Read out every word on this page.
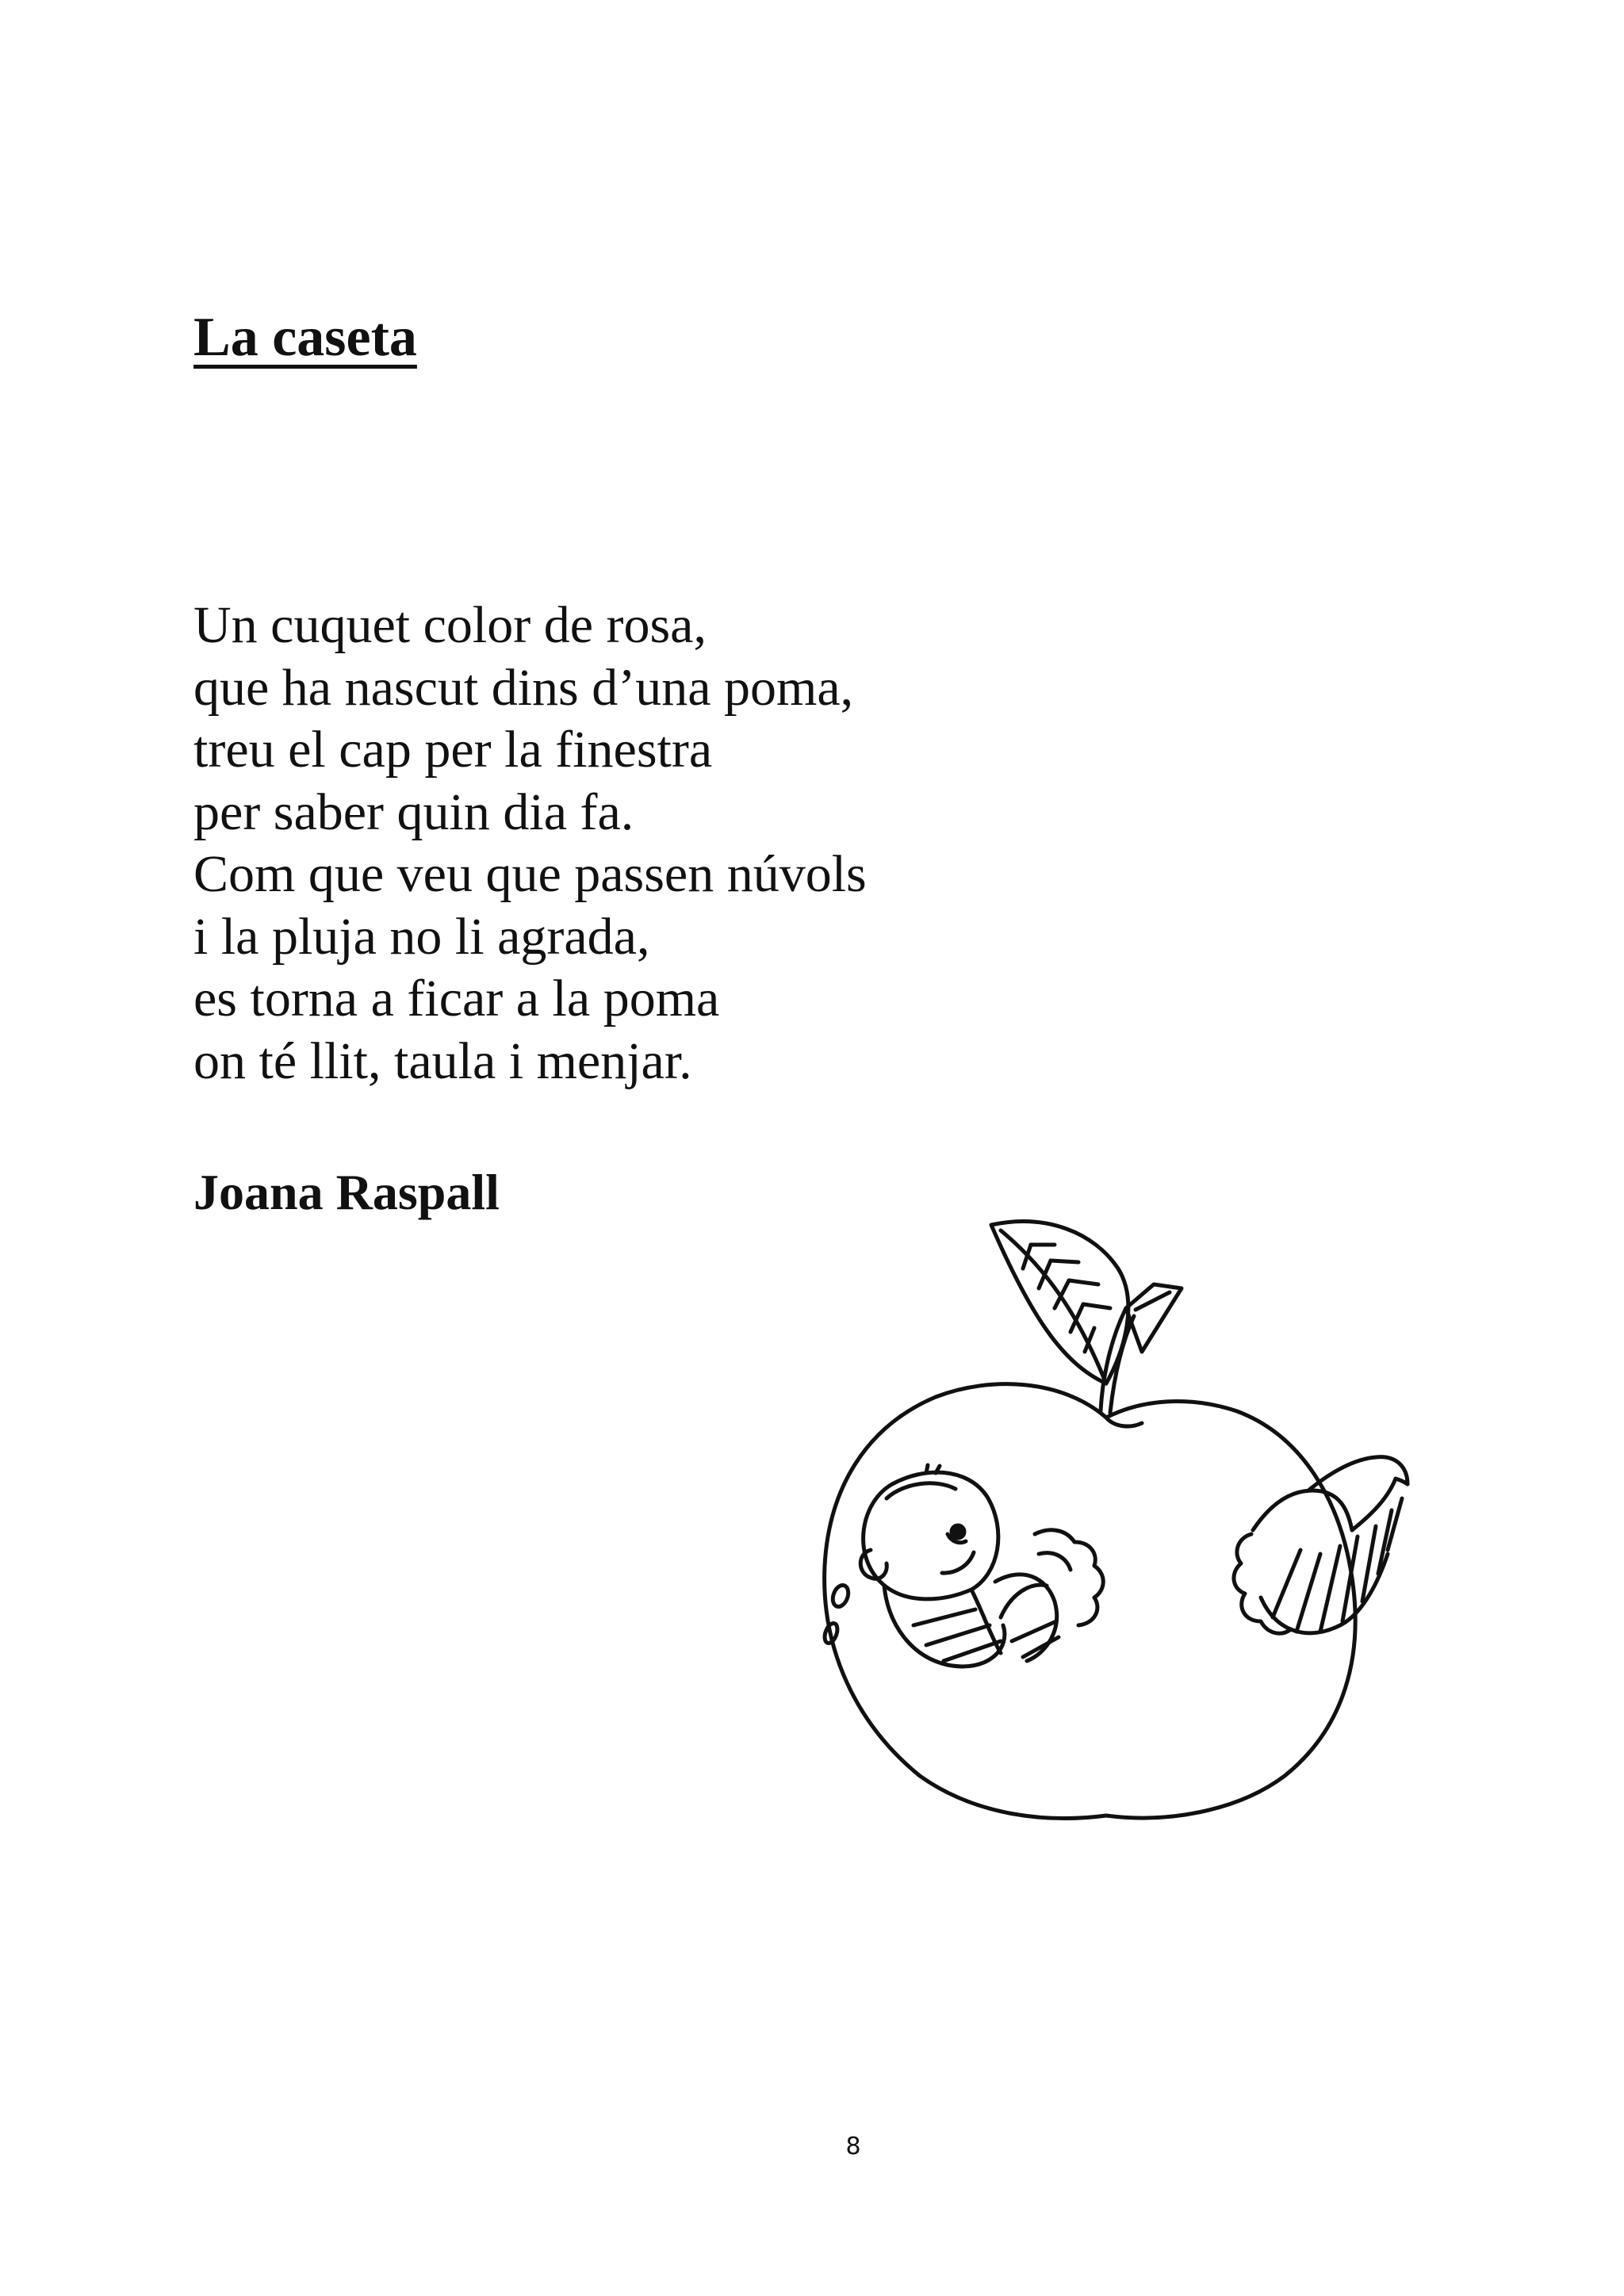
La caseta
Un cuquet color de rosa,
que ha nascut dins d’una poma,
treu el cap per la finestra
per saber quin dia fa.
Com que veu que passen núvols
i la pluja no li agrada,
es torna a ficar a la poma
on té llit, taula i menjar.
Joana Raspall
8
